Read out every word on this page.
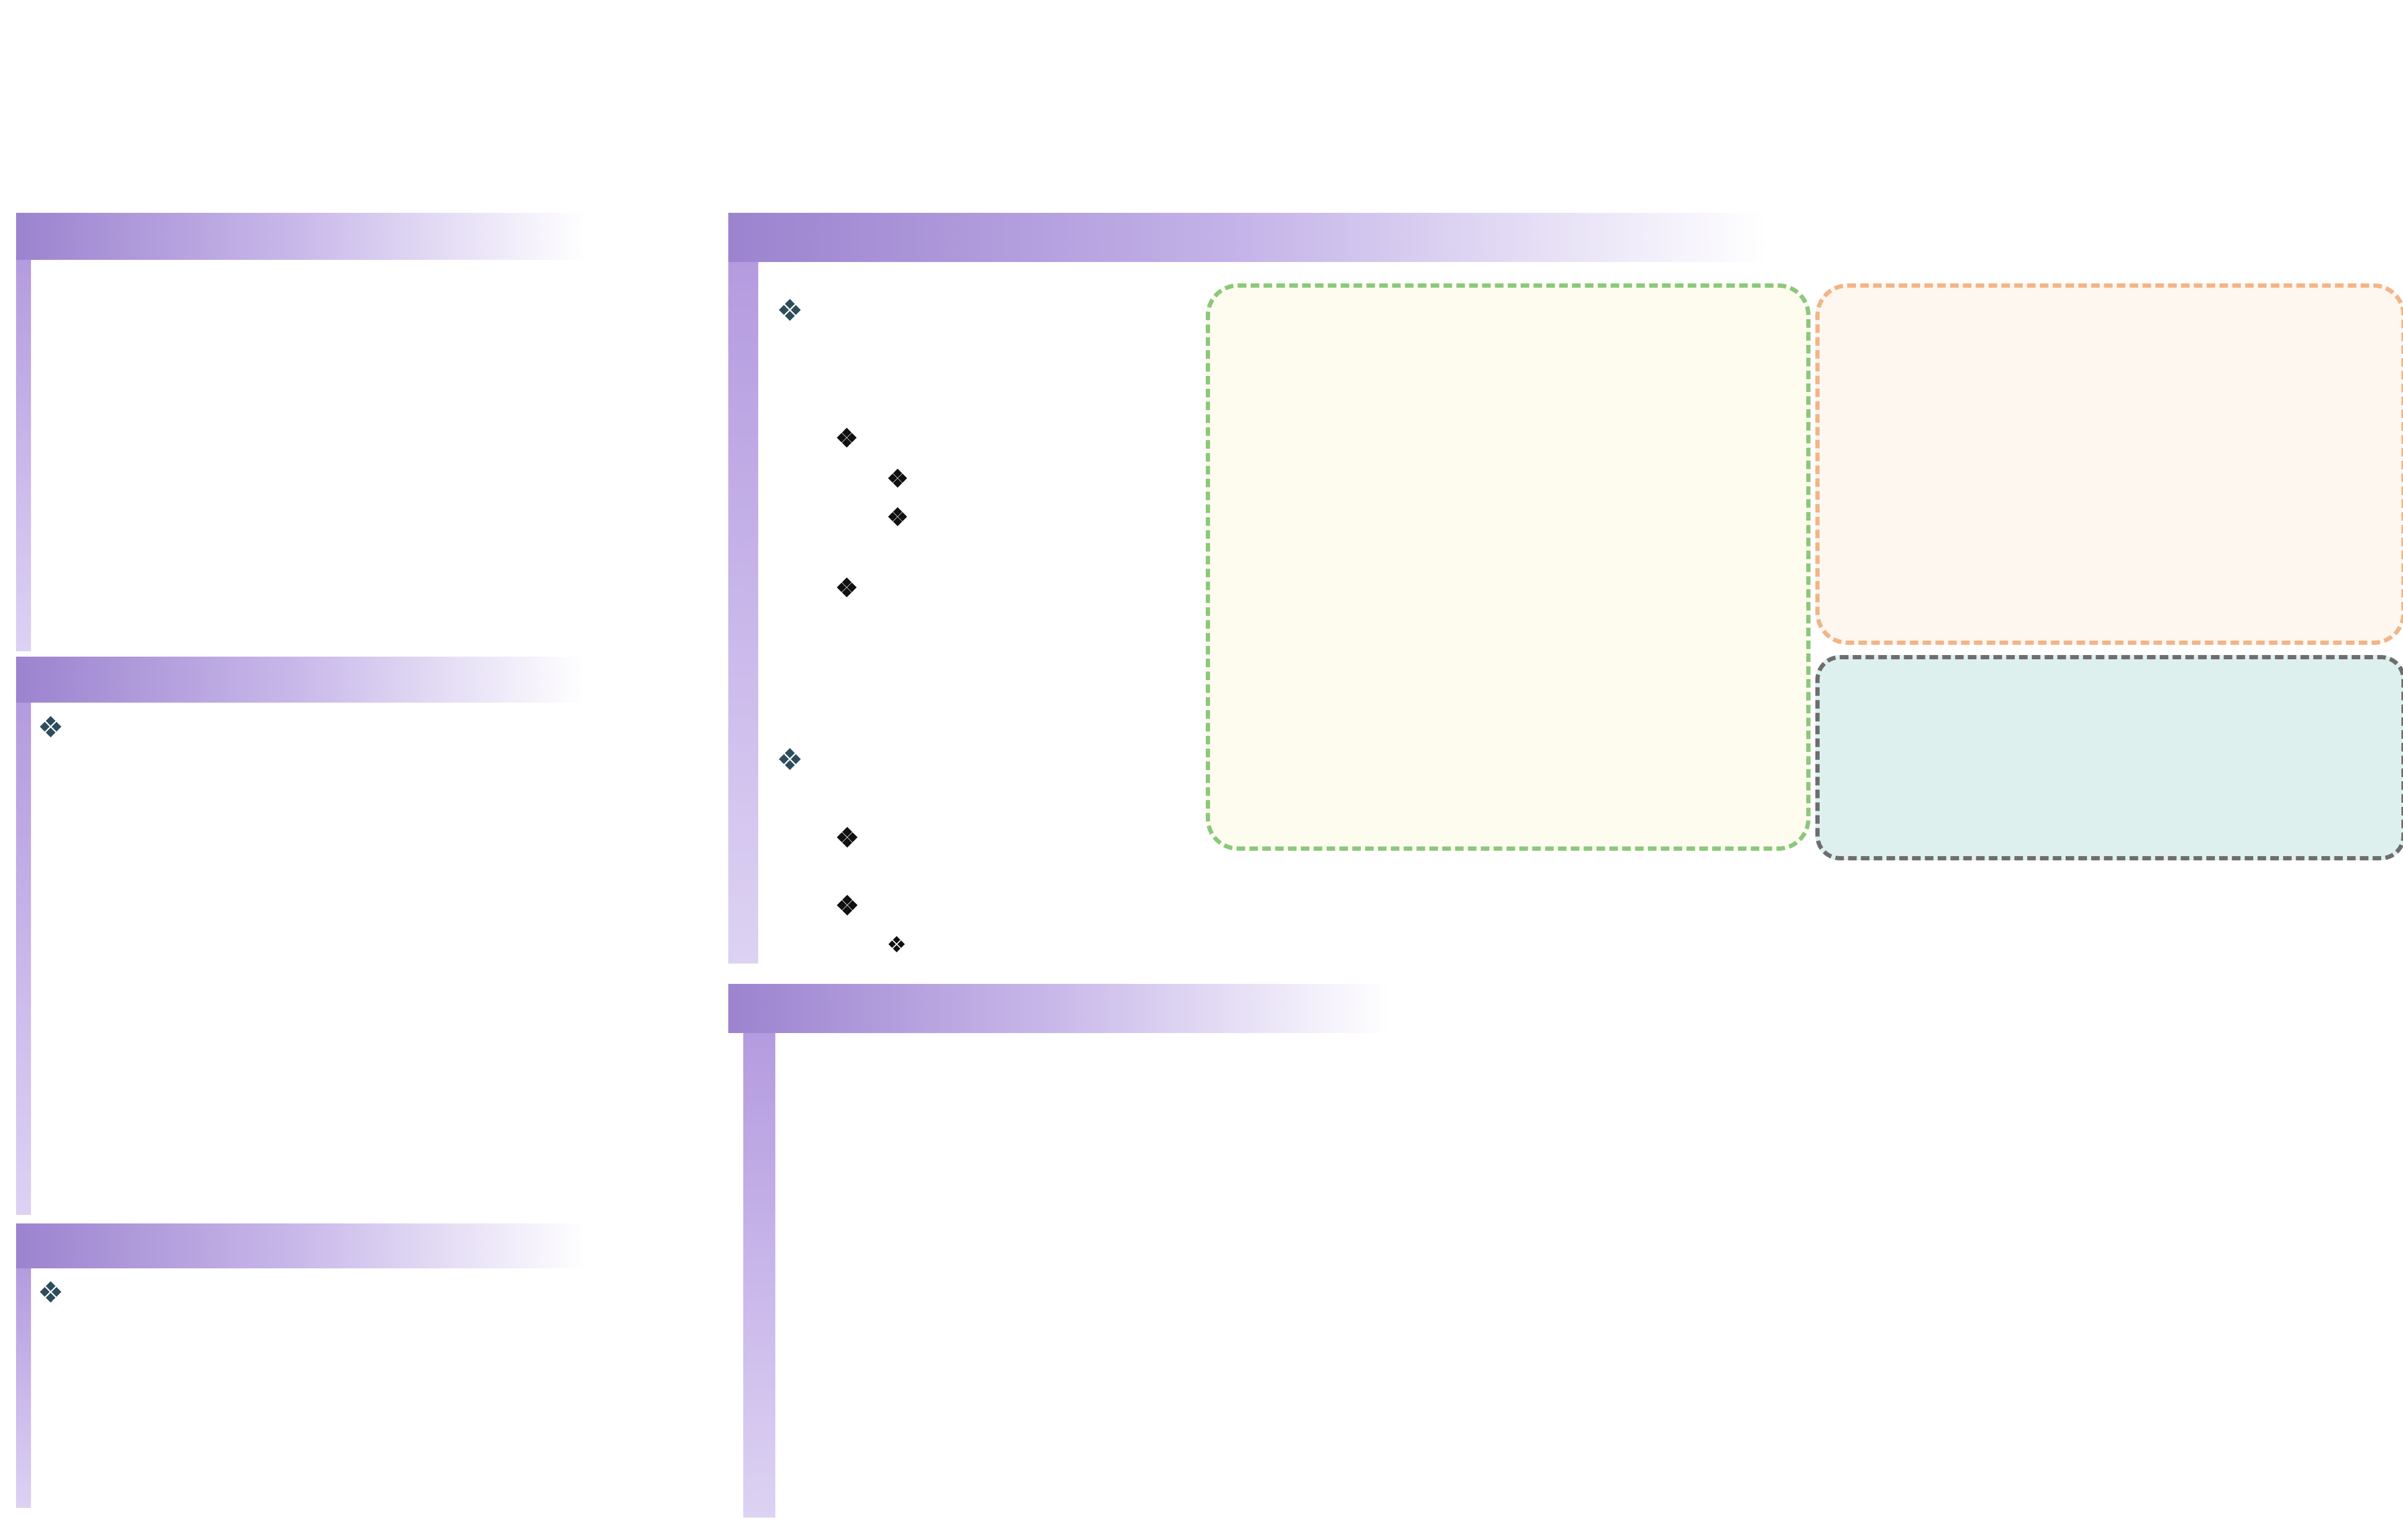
❖
❖
❖
❖
❖
❖
❖
❖
❖
❖
❖
